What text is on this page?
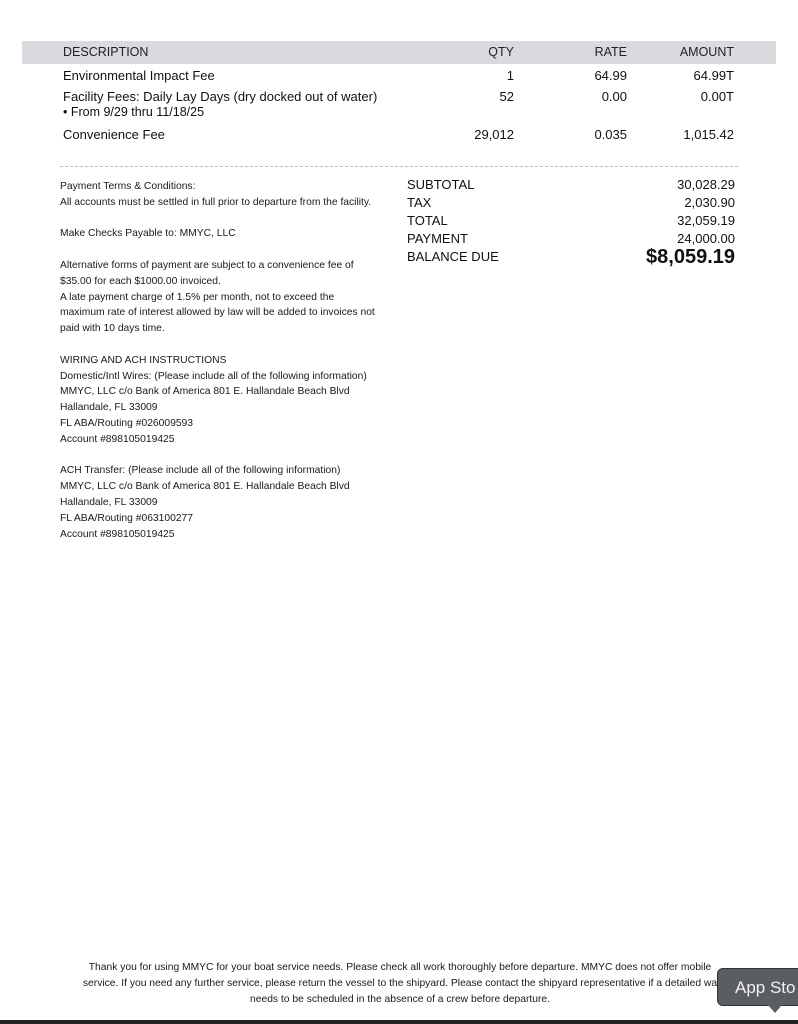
DESCRIPTION	QTY	RATE	AMOUNT
Environmental Impact Fee	1	64.99	64.99T
Facility Fees: Daily Lay Days (dry docked out of water)	52	0.00	0.00T
• From 9/29 thru 11/18/25
Convenience Fee	29,012	0.035	1,015.42

Payment Terms & Conditions:

All accounts must be settled in full prior to departure from the facility.

Make Checks Payable to: MMYC, LLC

Alternative forms of payment are subject to a convenience fee of

$35.00 for each $1000.00 invoiced.

A late payment charge of 1.5% per month, not to exceed the

maximum rate of interest allowed by law will be added to invoices not

paid with 10 days time.

WIRING AND ACH INSTRUCTIONS

Domestic/Intl Wires: (Please include all of the following information)

MMYC, LLC c/o Bank of America 801 E. Hallandale Beach Blvd

Hallandale, FL 33009

FL ABA/Routing #026009593

Account #898105019425

ACH Transfer: (Please include all of the following information)

MMYC, LLC c/o Bank of America 801 E. Hallandale Beach Blvd

Hallandale, FL 33009

FL ABA/Routing #063100277

Account #898105019425

SUBTOTAL	30,028.29
TAX	2,030.90
TOTAL	32,059.19
PAYMENT	24,000.00
BALANCE DUE	$8,059.19

Thank you for using MMYC for your boat service needs. Please check all work thoroughly before departure. MMYC does not offer mobile

service. If you need any further service, please return the vessel to the shipyard. Please contact the shipyard representative if a detailed wa

needs to be scheduled in the absence of a crew before departure.

App Sto
